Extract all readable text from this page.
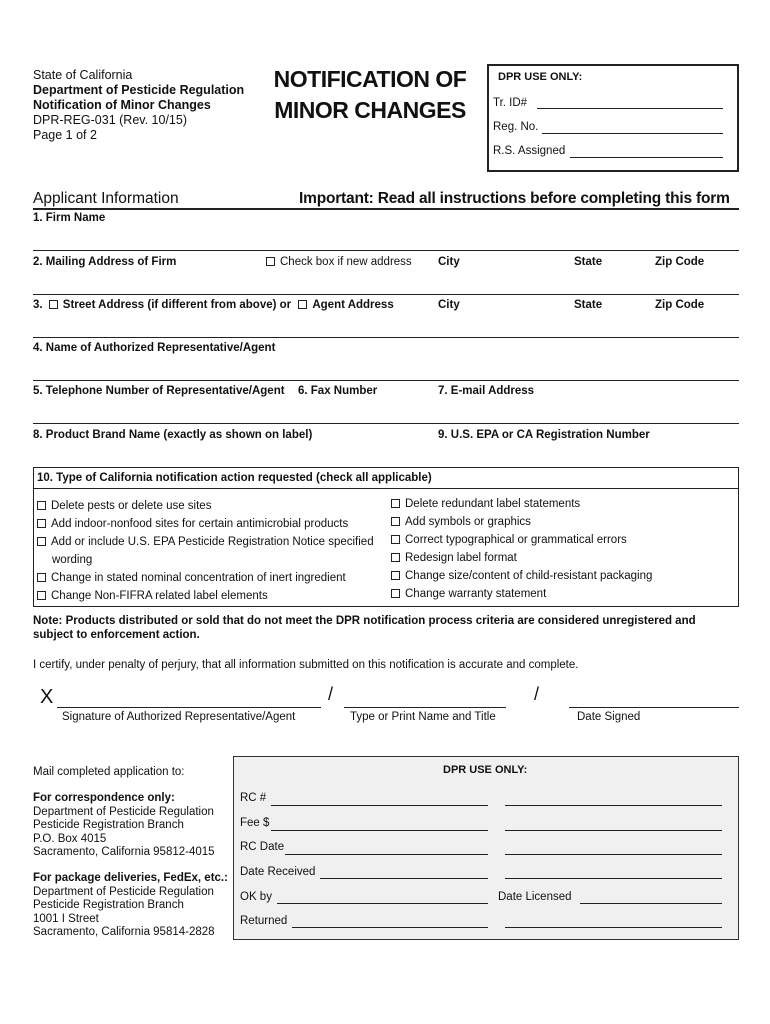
State of California
Department of Pesticide Regulation
Notification of Minor Changes
DPR-REG-031 (Rev. 10/15)
Page 1 of 2
NOTIFICATION OF
MINOR CHANGES
DPR USE ONLY:
Tr. ID#
Reg. No.
R.S. Assigned
Applicant Information	Important: Read all instructions before completing this form
1. Firm Name
2. Mailing Address of Firm	Check box if new address City	State	Zip Code
3. Street Address (if different from above) or Agent Address	City	State	Zip Code
4. Name of Authorized Representative/Agent
5. Telephone Number of Representative/Agent 6. Fax Number	7. E-mail Address
8. Product Brand Name (exactly as shown on label)	9. U.S. EPA or CA Registration Number
10. Type of California notification action requested (check all applicable)
Delete pests or delete use sites
Add indoor-nonfood sites for certain antimicrobial products
Add or include U.S. EPA Pesticide Registration Notice specified
wording
Change in stated nominal concentration of inert ingredient
Change Non-FIFRA related label elements
Delete redundant label statements
Add symbols or graphics
Correct typographical or grammatical errors
Redesign label format
Change size/content of child-resistant packaging
Change warranty statement
Note: Products distributed or sold that do not meet the DPR notification process criteria are considered unregistered and subject to enforcement action.
I certify, under penalty of perjury, that all information submitted on this notification is accurate and complete.
X	/	/
Signature of Authorized Representative/Agent	Type or Print Name and Title	Date Signed
Mail completed application to:
For correspondence only:
Department of Pesticide Regulation
Pesticide Registration Branch
P.O. Box 4015
Sacramento, California 95812-4015
For package deliveries, FedEx, etc.:
Department of Pesticide Regulation
Pesticide Registration Branch
1001 I Street
Sacramento, California 95814-2828
DPR USE ONLY:
RC #
Fee $
RC Date
Date Received
OK by	Date Licensed
Returned
